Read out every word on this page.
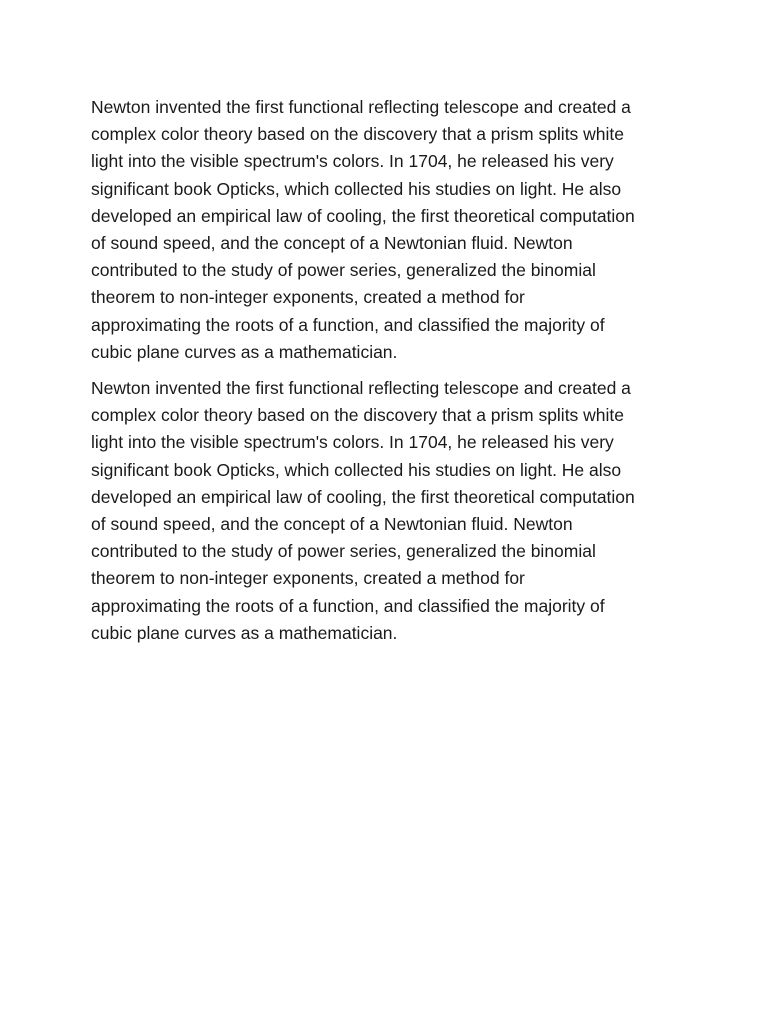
Newton invented the first functional reflecting telescope and created a
complex color theory based on the discovery that a prism splits white
light into the visible spectrum's colors. In 1704, he released his very
significant book Opticks, which collected his studies on light. He also
developed an empirical law of cooling, the first theoretical computation
of sound speed, and the concept of a Newtonian fluid. Newton
contributed to the study of power series, generalized the binomial
theorem to non-integer exponents, created a method for
approximating the roots of a function, and classified the majority of
cubic plane curves as a mathematician.

Newton invented the first functional reflecting telescope and created a
complex color theory based on the discovery that a prism splits white
light into the visible spectrum's colors. In 1704, he released his very
significant book Opticks, which collected his studies on light. He also
developed an empirical law of cooling, the first theoretical computation
of sound speed, and the concept of a Newtonian fluid. Newton
contributed to the study of power series, generalized the binomial
theorem to non-integer exponents, created a method for
approximating the roots of a function, and classified the majority of
cubic plane curves as a mathematician.
